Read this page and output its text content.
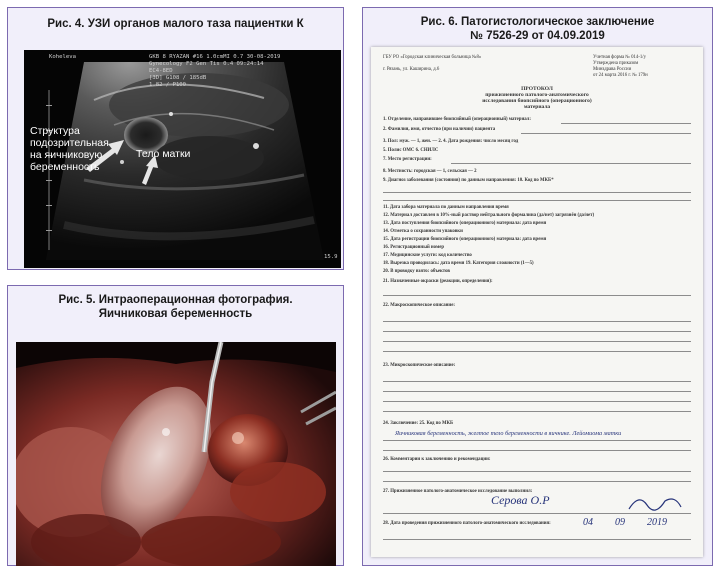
Рис. 4. УЗИ органов малого таза пациентки К
Koheleva	GKB 8 RYAZAN #16 1.0cmMI 0.7 30-08-2019
Gynecology F2 Gen Tis 0.4 09:24:14
EC4-8ED
[3D] G108 / 185dB
1.82 / P100
15.9
Структура
подозрительная
на яичниковую
беременность
Тело матки
Рис. 5. Интраоперационная фотография.
Яичниковая беременность
Рис. 6. Патогистологическое заключение
№ 7526-29 от 04.09.2019
ГБУ РО «Городская клиническая больница №8»
г. Рязань, ул. Каширина, д.6
Учетная форма № 014-1/у
Утверждена приказом
Минздрава России
от 24 марта 2016 г. № 179н
ПРОТОКОЛ
прижизненного патолого-анатомического
исследования биопсийного (операционного)
материала
1. Отделение, направившее биопсийный (операционный) материал:
2. Фамилия, имя, отчество (при наличии) пациента
3. Пол: муж. — 1, жен. — 2. 4. Дата рождения: число месяц год
5. Полис ОМС 6. СНИЛС
7. Место регистрации:
8. Местность: городская — 1, сельская — 2
9. Диагноз заболевания (состояния) по данным направления: 10. Код по МКБ*
11. Дата забора материала по данным направления время
12. Материал доставлен в 10%-ный раствор нейтрального формалина (да/нет) загрязнён (да/нет)
13. Дата поступления биопсийного (операционного) материала: дата время
14. Отметка о сохранности упаковки
15. Дата регистрации биопсийного (операционного) материала: дата время
16. Регистрационный номер
17. Медицинские услуги: код количество
18. Вырезка проводилась: дата время 19. Категория сложности (1—5)
20. В проводку взято: объектов
21. Назначенные окраски (реакции, определения):
22. Макроскопическое описание:
23. Микроскопическое описание:
24. Заключение: 25. Код по МКБ
Яичниковая беременность, желтое тело беременности в яичнике. Лейомиома матки
26. Комментарии к заключению и рекомендации:
27. Прижизненное патолого-анатомическое исследование выполнил:
Серова О.Р
28. Дата проведения прижизненного патолого-анатомического исследования:	04 09 2019
